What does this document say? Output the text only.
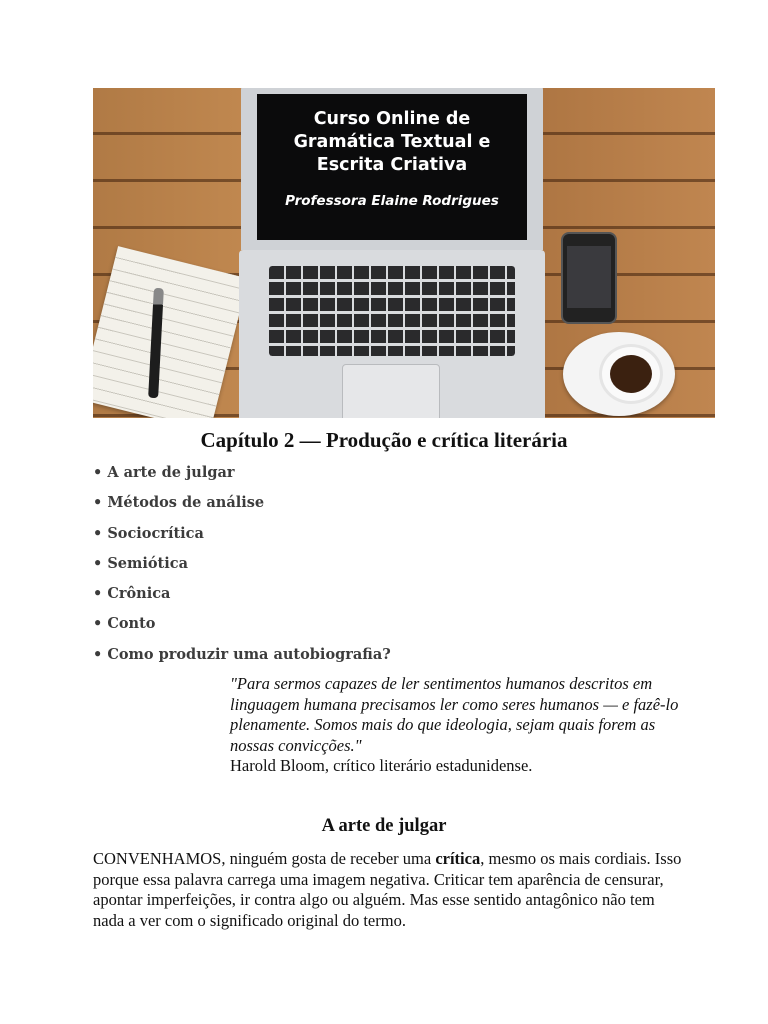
Curso Online de
Gramática Textual e
Escrita Criativa
Professora Elaine Rodrigues
Capítulo 2 — Produção e crítica literária
• A arte de julgar
• Métodos de análise
• Sociocrítica
• Semiótica
• Crônica
• Conto
• Como produzir uma autobiografia?
"Para sermos capazes de ler sentimentos humanos descritos em linguagem humana precisamos ler como seres humanos — e fazê-lo plenamente. Somos mais do que ideologia, sejam quais forem as nossas convicções."
Harold Bloom, crítico literário estadunidense.
A arte de julgar

CONVENHAMOS, ninguém gosta de receber uma crítica, mesmo os mais cordiais. Isso porque essa palavra carrega uma imagem negativa. Criticar tem aparência de censurar, apontar imperfeições, ir contra algo ou alguém. Mas esse sentido antagônico não tem nada a ver com o significado original do termo.
